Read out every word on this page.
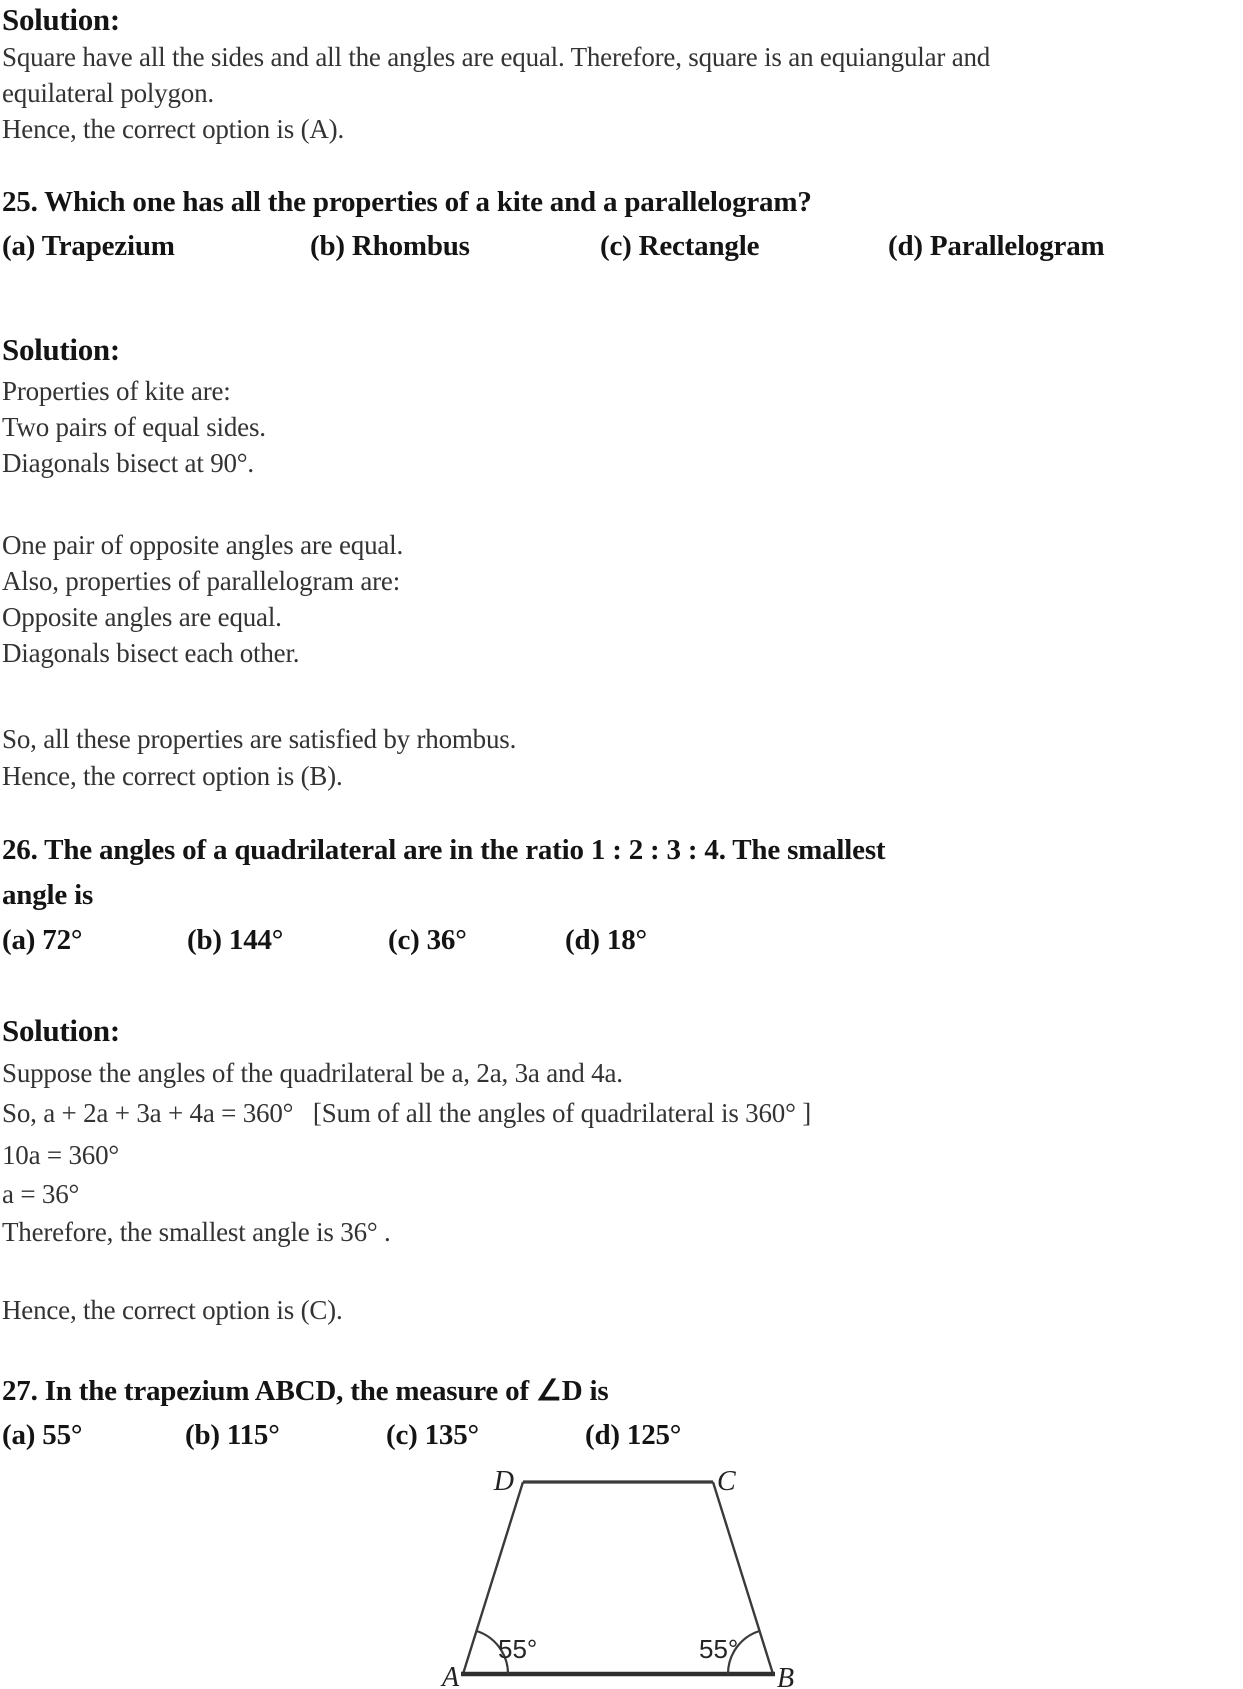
Solution:
Square have all the sides and all the angles are equal. Therefore, square is an equiangular and
equilateral polygon.
Hence, the correct option is (A).
25. Which one has all the properties of a kite and a parallelogram?
(a) Trapezium	(b) Rhombus	(c) Rectangle	(d) Parallelogram
Solution:
Properties of kite are:
Two pairs of equal sides.
Diagonals bisect at 90°.
One pair of opposite angles are equal.
Also, properties of parallelogram are:
Opposite angles are equal.
Diagonals bisect each other.
So, all these properties are satisfied by rhombus.
Hence, the correct option is (B).
26. The angles of a quadrilateral are in the ratio 1 : 2 : 3 : 4. The smallest
angle is
(a) 72°	(b) 144°	(c) 36°	(d) 18°
Solution:
Suppose the angles of the quadrilateral be a, 2a, 3a and 4a.
So, a + 2a + 3a + 4a = 360°   [Sum of all the angles of quadrilateral is 360° ]
10a = 360°
a = 36°
Therefore, the smallest angle is 36° .
Hence, the correct option is (C).
27. In the trapezium ABCD, the measure of ∠D is
(a) 55°	(b) 115°	(c) 135°	(d) 125°
D	C
A	B
55°	55°
